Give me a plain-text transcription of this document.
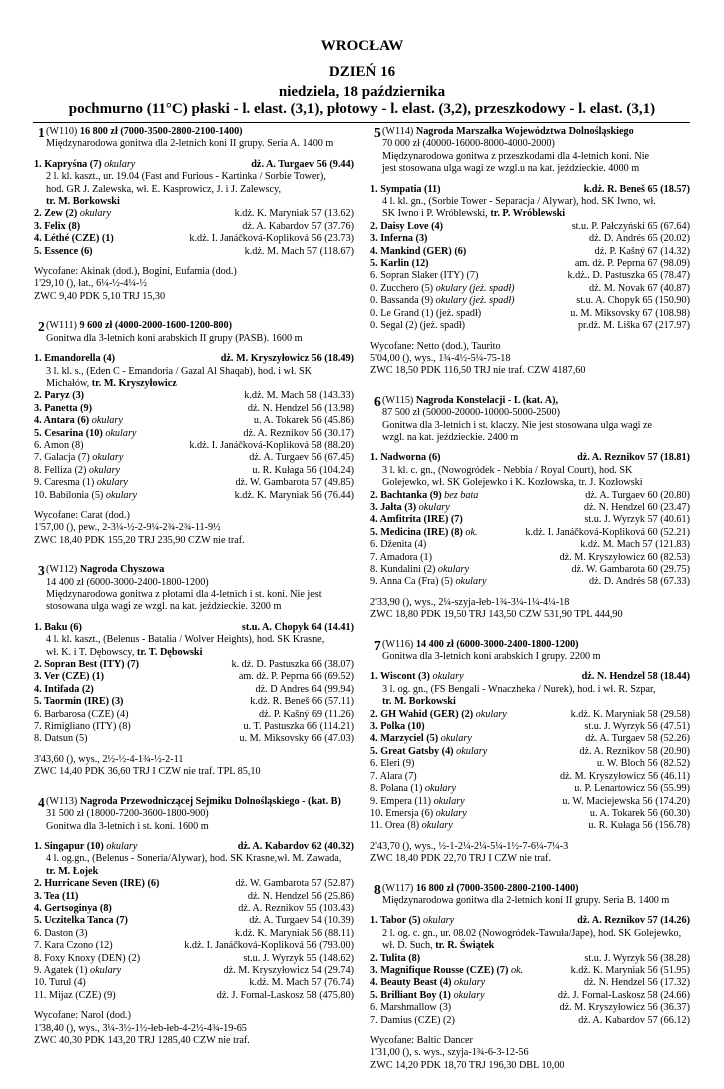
WROCŁAW
DZIEŃ 16
niedziela, 18 października
pochmurno (11°C) płaski - l. elast. (3,1), płotowy - l. elast. (3,2), przeszkodowy - l. elast. (3,1)
1 (W110) 16 800 zł (7000-3500-2800-2100-1400)
Międzynarodowa gonitwa dla 2-letnich koni II grupy. Seria A. 1400 m
1. Kapryśna (7) okulary	dż. A. Turgaev 56 (9.44)
2 l. kl. kaszt., ur. 19.04 (Fast and Furious - Kartinka / Sorbie Tower),
hod. GR J. Zalewska, wł. E. Kasprowicz, J. i J. Zalewscy,
tr. M. Borkowski
2. Zew (2) okulary	k.dż. K. Maryniak 57 (13.62)
3. Felix (8)	dż. A. Kabardov 57 (37.76)
4. Léthé (CZE) (1)	k.dż. I. Janáčková-Kopliková 56 (23.73)
5. Essence (6)	k.dż. M. Mach 57 (118.67)
Wycofane: Akinak (dod.), Bogini, Eufamia (dod.)
1'29,10 (), łat., 6¼-½-4¼-½
ZWC 9,40 PDK 5,10 TRJ 15,30
2 (W111) 9 600 zł (4000-2000-1600-1200-800)
Gonitwa dla 3-letnich koni arabskich II grupy (PASB). 1600 m
1. Emandorella (4)	dż. M. Kryszyłowicz 56 (18.49)
3 l. kl. s., (Eden C - Emandoria / Gazal Al Shaqab), hod. i wł. SK
Michałów, tr. M. Kryszyłowicz
2. Paryz (3)	k.dż. M. Mach 58 (143.33)
3. Panetta (9)	dż. N. Hendzel 56 (13.98)
4. Antara (6) okulary	u. A. Tokarek 56 (45.86)
5. Cesarina (10) okulary	dż. A. Reznikov 56 (30.17)
6. Amon (8)	k.dż. I. Janáčková-Kopliková 58 (88.20)
7. Galacja (7) okulary	dż. A. Turgaev 56 (67.45)
8. Felliza (2) okulary	u. R. Kułaga 56 (104.24)
9. Caresma (1) okulary	dż. W. Gambarota 57 (49.85)
10. Babilonia (5) okulary	k.dż. K. Maryniak 56 (76.44)
Wycofane: Carat (dod.)
1'57,00 (), pew., 2-3¼-½-2-9¼-2¾-2¾-11-9½
ZWC 18,40 PDK 155,20 TRJ 235,90 CZW nie traf.
3 (W112) Nagroda Chyszowa
14 400 zł (6000-3000-2400-1800-1200)
Międzynarodowa gonitwa z płotami dla 4-letnich i st. koni. Nie jest
stosowana ulga wagi ze wzgl. na kat. jeździeckie. 3200 m
1. Baku (6)	st.u. A. Chopyk 64 (14.41)
4 l. kl. kaszt., (Belenus - Batalia / Wolver Heights), hod. SK Krasne,
wł. K. i T. Dębowscy, tr. T. Dębowski
2. Sopran Best (ITY) (7)	k. dż. D. Pastuszka 66 (38.07)
3. Ver (CZE) (1)	am. dż. P. Peprna 66 (69.52)
4. Intifada (2)	dż. D Andres 64 (99.94)
5. Taormin (IRE) (3)	k.dż. R. Beneš 66 (57.11)
6. Barbarosa (CZE) (4)	dż. P. Kašný 69 (11.26)
7. Rimigliano (ITY) (8)	u. T. Pastuszka 66 (114.21)
8. Datsun (5)	u. M. Miksovsky 66 (47.03)
3'43,60 (), wys., 2½-½-4-1¾-½-2-11
ZWC 14,40 PDK 36,60 TRJ I CZW nie traf. TPL 85,10
4 (W113) Nagroda Przewodniczącej Sejmiku Dolnośląskiego - (kat. B)
31 500 zł (18000-7200-3600-1800-900)
Gonitwa dla 3-letnich i st. koni. 1600 m
1. Singapur (10) okulary	dż. A. Kabardov 62 (40.32)
4 l. og.gn., (Belenus - Soneria/Alywar), hod. SK Krasne,wł. M. Zawada,
tr. M. Łojek
2. Hurricane Seven (IRE) (6)	dż. W. Gambarota 57 (52.87)
3. Tea (11)	dż. N. Hendzel 56 (25.86)
4. Gertsoginya (8)	dż. A. Reznikov 55 (103.43)
5. Uczitelka Tanca (7)	dż. A. Turgaev 54 (10.39)
6. Daston (3)	k.dż. K. Maryniak 56 (88.11)
7. Kara Czono (12)	k.dż. I. Janáčková-Kopliková 56 (793.00)
8. Foxy Knoxy (DEN) (2)	st.u. J. Wyrzyk 55 (148.62)
9. Agatek (1) okulary	dż. M. Kryszyłowicz 54 (29.74)
10. Turul (4)	k.dż. M. Mach 57 (76.74)
11. Mijaz (CZE) (9)	dż. J. Fornal-Laskosz 58 (475.80)
Wycofane: Narol (dod.)
1'38,40 (), wys., 3¼-3½-1½-łeb-łeb-4-2½-4¾-19-65
ZWC 40,30 PDK 143,20 TRJ 1285,40 CZW nie traf.
5 (W114) Nagroda Marszałka Województwa Dolnośląskiego
70 000 zł (40000-16000-8000-4000-2000)
Międzynarodowa gonitwa z przeszkodami dla 4-letnich koni. Nie
jest stosowana ulga wagi ze wzgl.u na kat. jeździeckie. 4000 m
1. Sympatia (11)	k.dż. R. Beneš 65 (18.57)
4 l. kl. gn., (Sorbie Tower - Separacja / Alywar), hod. SK Iwno, wł.
SK Iwno i P. Wróblewski, tr. P. Wróblewski
2. Daisy Love (4)	st.u. P. Pałczyński 65 (67.64)
3. Inferna (3)	dż. D. Andrés 65 (20.02)
4. Mankind (GER) (6)	dż. P. Kašný 67 (14.32)
5. Karlin (12)	am. dż. P. Peprna 67 (98.09)
6. Sopran Slaker (ITY) (7)	k.dż.. D. Pastuszka 65 (78.47)
0. Zucchero (5) okulary (jeż. spadł)	dż. M. Novak 67 (40.87)
0. Bassanda (9) okulary (jeż. spadł)	st.u. A. Chopyk 65 (150.90)
0. Le Grand (1) (jeż. spadł)	u. M. Miksovsky 67 (108.98)
0. Segal (2) (jeż. spadł)	pr.dż. M. Liška 67 (217.97)
Wycofane: Netto (dod.), Taurito
5'04,00 (), wys., 1¾-4½-5¼-75-18
ZWC 18,50 PDK 116,50 TRJ nie traf. CZW 4187,60
6 (W115) Nagroda Konstelacji - L (kat. A),
87 500 zł (50000-20000-10000-5000-2500)
Gonitwa dla 3-letnich i st. klaczy. Nie jest stosowana ulga wagi ze
wzgl. na kat. jeździeckie. 2400 m
1. Nadworna (6)	dż. A. Reznikov 57 (18.81)
3 l. kl. c. gn., (Nowogródek - Nebbia / Royal Court), hod. SK
Golejewko, wł. SK Golejewko i K. Kozłowska, tr. J. Kozłowski
2. Bachtanka (9) bez bata	dż. A. Turgaev 60 (20.80)
3. Jałta (3) okulary	dż. N. Hendzel 60 (23.47)
4. Amfitrita (IRE) (7)	st.u. J. Wyrzyk 57 (40.61)
5. Medicina (IRE) (8) ok.	k.dż. I. Janáčková-Kopliková 60 (52.21)
6. Dženita (4)	k.dż. M. Mach 57 (121.83)
7. Amadora (1)	dż. M. Kryszyłowicz 60 (82.53)
8. Kundalini (2) okulary	dż. W. Gambarota 60 (29.75)
9. Anna Ca (Fra) (5) okulary	dż. D. Andrés 58 (67.33)
2'33,90 (), wys., 2¼-szyja-łeb-1¾-3¼-1¼-4¼-18
ZWC 18,80 PDK 19,50 TRJ 143,50 CZW 531,90 TPL 444,90
7 (W116) 14 400 zł (6000-3000-2400-1800-1200)
Gonitwa dla 3-letnich koni arabskich I grupy. 2200 m
1. Wiscont (3) okulary	dż. N. Hendzel 58 (18.44)
3 l. og. gn., (FS Bengali - Wnaczheka / Nurek), hod. i wł. R. Szpar,
tr. M. Borkowski
2. GH Wahid (GER) (2) okulary	k.dż. K. Maryniak 58 (29.58)
3. Polka (10)	st.u. J. Wyrzyk 56 (47.51)
4. Marzyciel (5) okulary	dż. A. Turgaev 58 (52.26)
5. Great Gatsby (4) okulary	dż. A. Reznikov 58 (20.90)
6. Eleri (9)	u. W. Bloch 56 (82.52)
7. Alara (7)	dż. M. Kryszyłowicz 56 (46.11)
8. Polana (1) okulary	u. P. Lenartowicz 56 (55.99)
9. Empera (11) okulary	u. W. Maciejewska 56 (174.20)
10. Emersja (6) okulary	u. A. Tokarek 56 (60.30)
11. Orea (8) okulary	u. R. Kułaga 56 (156.78)
2'43,70 (), wys., ½-1-2¼-2¼-5¼-1½-7-6¼-7¼-3
ZWC 18,40 PDK 22,70 TRJ I CZW nie traf.
8 (W117) 16 800 zł (7000-3500-2800-2100-1400)
Międzynarodowa gonitwa dla 2-letnich koni II grupy. Seria B. 1400 m
1. Tabor (5) okulary	dż. A. Reznikov 57 (14.26)
2 l. og. c. gn., ur. 08.02 (Nowogródek-Tawuła/Jape), hod. SK Golejewko,
wł. D. Such, tr. R. Świątek
2. Tulita (8)	st.u. J. Wyrzyk 56 (38.28)
3. Magnifique Rousse (CZE) (7) ok.	k.dż. K. Maryniak 56 (51.95)
4. Beauty Beast (4) okulary	dż. N. Hendzel 56 (17.32)
5. Brilliant Boy (1) okulary	dż. J. Fornal-Laskosz 58 (24.66)
6. Marshmallow (3)	dż. M. Kryszyłowicz 56 (36.37)
7. Damius (CZE) (2)	dż. A. Kabardov 57 (66.12)
Wycofane: Baltic Dancer
1'31,00 (), s. wys., szyja-1¾-6-3-12-56
ZWC 14,20 PDK 18,70 TRJ 196,30 DBL 10,00
